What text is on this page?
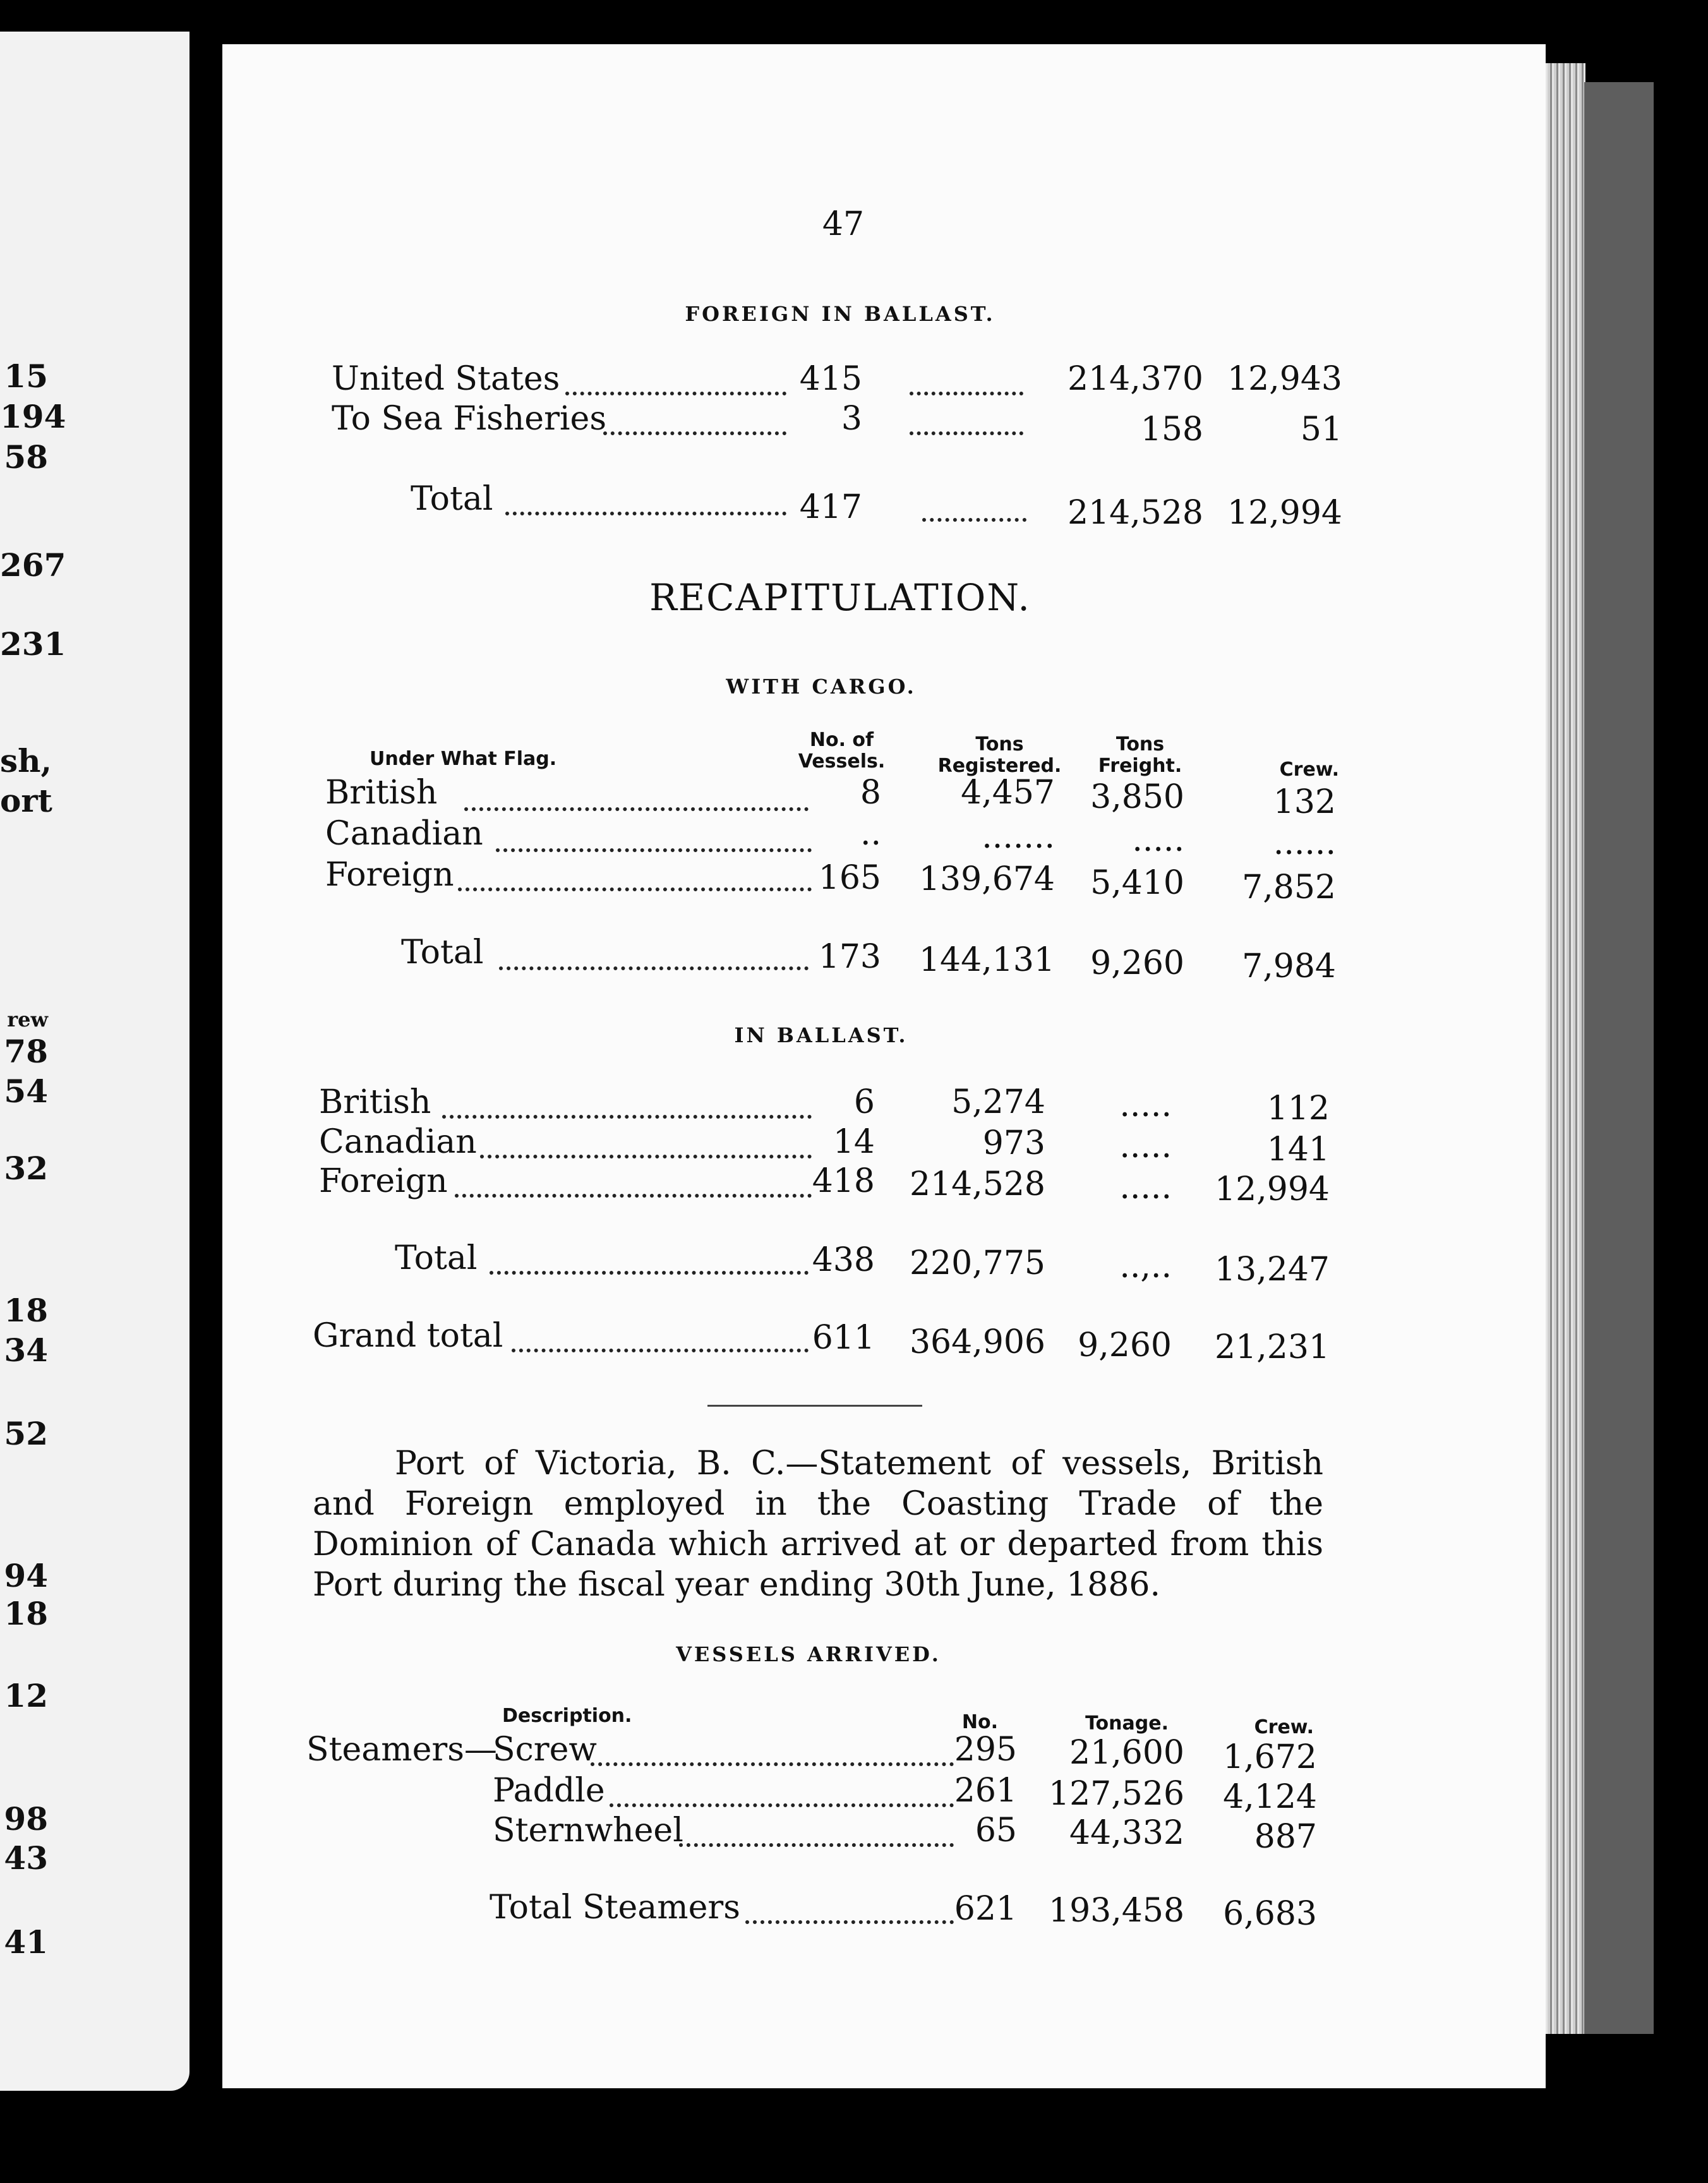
15
194
58
267
231
sh,
ort
rew
78
54
32
18
34
52
94
18
12
98
43
41
47
FOREIGN IN BALLAST.
United States	415	214,370 12,943
To Sea Fisheries	3	158	51
Total	417	214,528 12,994
RECAPITULATION.
WITH CARGO.
Under What Flag.
No. of Vessels.
Tons Registered.
Tons Freight.	Crew.
British	8	4,457	3,850	132
Canadian	..	.......	.....	......
Foreign	165	139,674	5,410	7,852
Total	173	144,131	9,260	7,984
IN BALLAST.
British	6	5,274	.....	112
Canadian	14	973	.....	141
Foreign	418	214,528	..... 12,994
Total	438	220,775	..,.. 13,247
Grand total	611	364,906 9,260 21,231
Port of Victoria, B. C.—Statement of vessels, British and Foreign employed in the Coasting Trade of the Dominion of Canada which arrived at or departed from this Port during the fiscal year ending 30th June, 1886.
VESSELS ARRIVED.
Description.	No.	Tonage.	Crew.
Steamers—
Screw	295	21,600	1,672
Paddle	261 127,526	4,124
Sternwheel	65	44,332	887
Total Steamers	621 193,458	6,683
